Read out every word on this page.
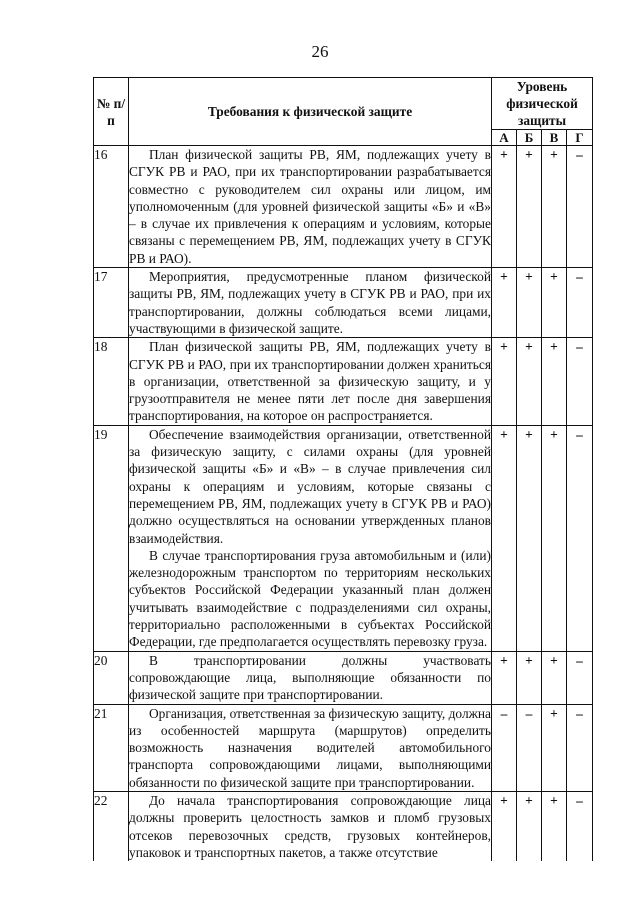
26
№ п/п	Требования к физической защите	Уровень физической защиты			
		А	Б	В	Г
16	План физической защиты РВ, ЯМ, подлежащих учету в СГУК РВ и РАО, при их транспортировании разрабатывается совместно с руководителем сил охраны или лицом, им уполномоченным (для уровней физической защиты «Б» и «В» – в случае их привлечения к операциям и условиям, которые связаны с перемещением РВ, ЯМ, подлежащих учету в СГУК РВ и РАО).	+	+	+	–
17	Мероприятия, предусмотренные планом физической защиты РВ, ЯМ, подлежащих учету в СГУК РВ и РАО, при их транспортировании, должны соблюдаться всеми лицами, участвующими в физической защите.	+	+	+	–
18	План физической защиты РВ, ЯМ, подлежащих учету в СГУК РВ и РАО, при их транспортировании должен храниться в организации, ответственной за физическую защиту, и у грузоотправителя не менее пяти лет после дня завершения транспортирования, на которое он распространяется.	+	+	+	–
19	Обеспечение взаимодействия организации, ответственной за физическую защиту, с силами охраны (для уровней физической защиты «Б» и «В» – в случае привлечения сил охраны к операциям и условиям, которые связаны с перемещением РВ, ЯМ, подлежащих учету в СГУК РВ и РАО) должно осуществляться на основании утвержденных планов взаимодействия.

В случае транспортирования груза автомобильным и (или) железнодорожным транспортом по территориям нескольких субъектов Российской Федерации указанный план должен учитывать взаимодействие с подразделениями сил охраны, территориально расположенными в субъектах Российской Федерации, где предполагается осуществлять перевозку груза.	+	+	+	–
20	В транспортировании должны участвовать сопровождающие лица, выполняющие обязанности по физической защите при транспортировании.	+	+	+	–
21	Организация, ответственная за физическую защиту, должна из особенностей маршрута (маршрутов) определить возможность назначения водителей автомобильного транспорта сопровождающими лицами, выполняющими обязанности по физической защите при транспортировании.	–	–	+	–
22	До начала транспортирования сопровождающие лица должны проверить целостность замков и пломб грузовых отсеков перевозочных средств, грузовых контейнеров, упаковок и транспортных пакетов, а также отсутствие	+	+	+	–
